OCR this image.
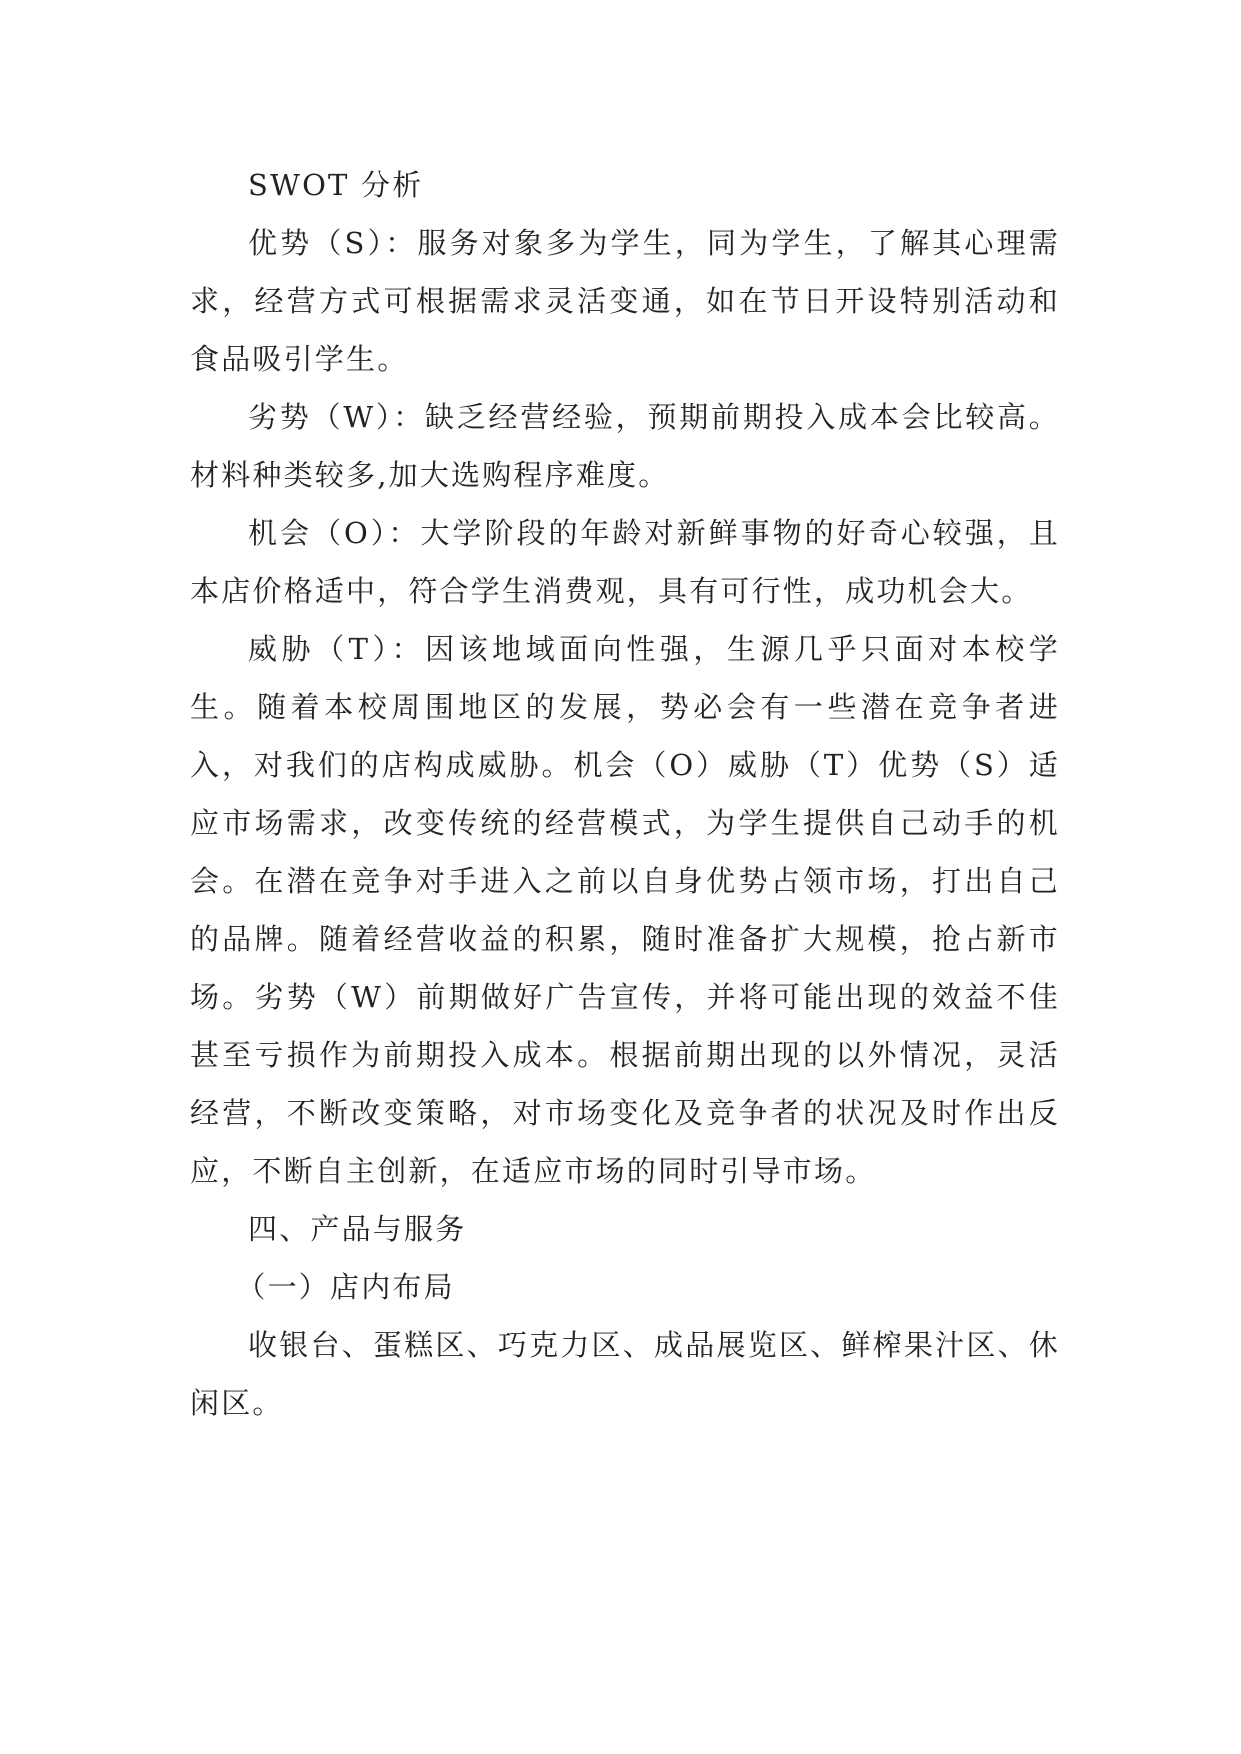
SWOT 分析

优势（S）：服务对象多为学生，同为学生，了解其心理需求，经营方式可根据需求灵活变通，如在节日开设特别活动和食品吸引学生。

劣势（W）：缺乏经营经验，预期前期投入成本会比较高。材料种类较多,加大选购程序难度。

机会（O）：大学阶段的年龄对新鲜事物的好奇心较强，且本店价格适中，符合学生消费观，具有可行性，成功机会大。

威胁（T）：因该地域面向性强，生源几乎只面对本校学生。随着本校周围地区的发展，势必会有一些潜在竞争者进入，对我们的店构成威胁。机会（O）威胁（T）优势（S）适应市场需求，改变传统的经营模式，为学生提供自己动手的机会。在潜在竞争对手进入之前以自身优势占领市场，打出自己的品牌。随着经营收益的积累，随时准备扩大规模，抢占新市场。劣势（W）前期做好广告宣传，并将可能出现的效益不佳甚至亏损作为前期投入成本。根据前期出现的以外情况，灵活经营，不断改变策略，对市场变化及竞争者的状况及时作出反应，不断自主创新，在适应市场的同时引导市场。

四、产品与服务

（一）店内布局

收银台、蛋糕区、巧克力区、成品展览区、鲜榨果汁区、休闲区。
